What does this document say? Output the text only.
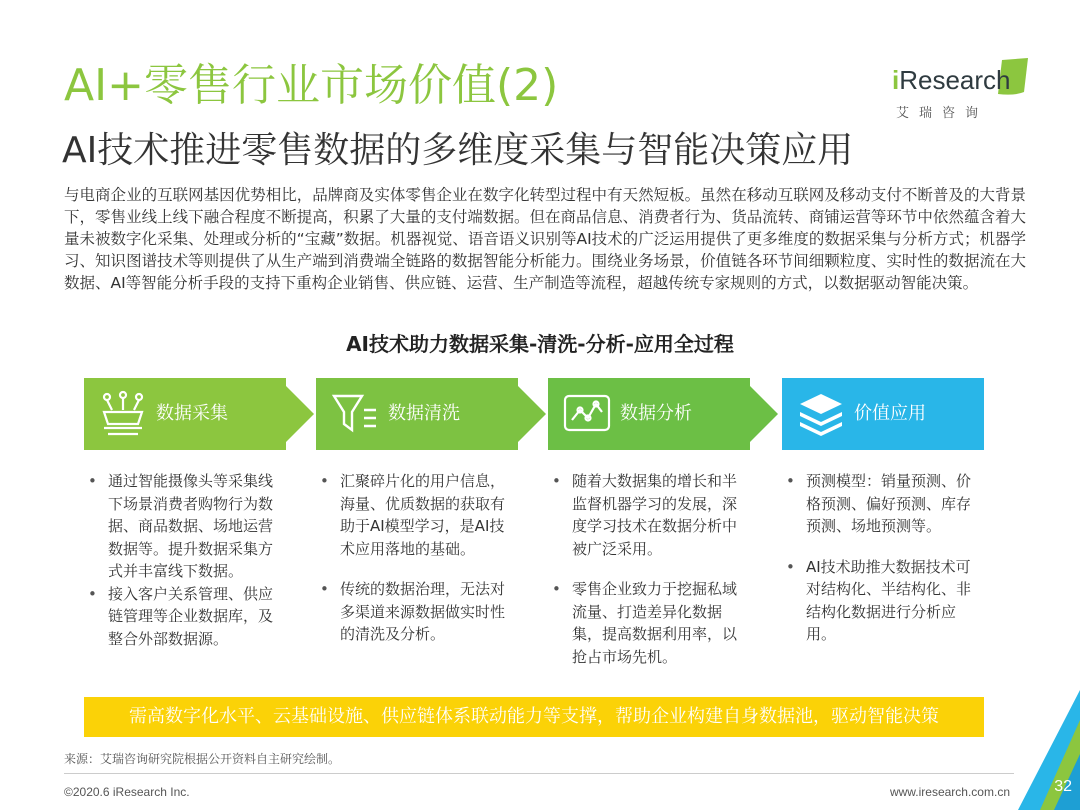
AI+零售行业市场价值(2)
AI技术推进零售数据的多维度采集与智能决策应用
iResearch
艾瑞咨询
与电商企业的互联网基因优势相比，品牌商及实体零售企业在数字化转型过程中有天然短板。虽然在移动互联网及移动支付不断普及的大背景下，零售业线上线下融合程度不断提高，积累了大量的支付端数据。但在商品信息、消费者行为、货品流转、商铺运营等环节中依然蕴含着大量未被数字化采集、处理或分析的“宝藏”数据。机器视觉、语音语义识别等AI技术的广泛运用提供了更多维度的数据采集与分析方式；机器学习、知识图谱技术等则提供了从生产端到消费端全链路的数据智能分析能力。围绕业务场景，价值链各环节间细颗粒度、实时性的数据流在大数据、AI等智能分析手段的支持下重构企业销售、供应链、运营、生产制造等流程，超越传统专家规则的方式，以数据驱动智能决策。
AI技术助力数据采集-清洗-分析-应用全过程
数据采集	数据清洗	数据分析	价值应用
• 通过智能摄像头等采集线下场景消费者购物行为数据、商品数据、场地运营数据等。提升数据采集方式并丰富线下数据。
• 接入客户关系管理、供应链管理等企业数据库，及整合外部数据源。
• 汇聚碎片化的用户信息，海量、优质数据的获取有助于AI模型学习，是AI技术应用落地的基础。
• 传统的数据治理，无法对多渠道来源数据做实时性的清洗及分析。
• 随着大数据集的增长和半监督机器学习的发展，深度学习技术在数据分析中被广泛采用。
• 零售企业致力于挖掘私域流量、打造差异化数据集，提高数据利用率，以抢占市场先机。
• 预测模型：销量预测、价格预测、偏好预测、库存预测、场地预测等。
• AI技术助推大数据技术可对结构化、半结构化、非结构化数据进行分析应用。
需高数字化水平、云基础设施、供应链体系联动能力等支撑，帮助企业构建自身数据池，驱动智能决策
来源：艾瑞咨询研究院根据公开资料自主研究绘制。
©2020.6 iResearch Inc.	www.iresearch.com.cn	32
